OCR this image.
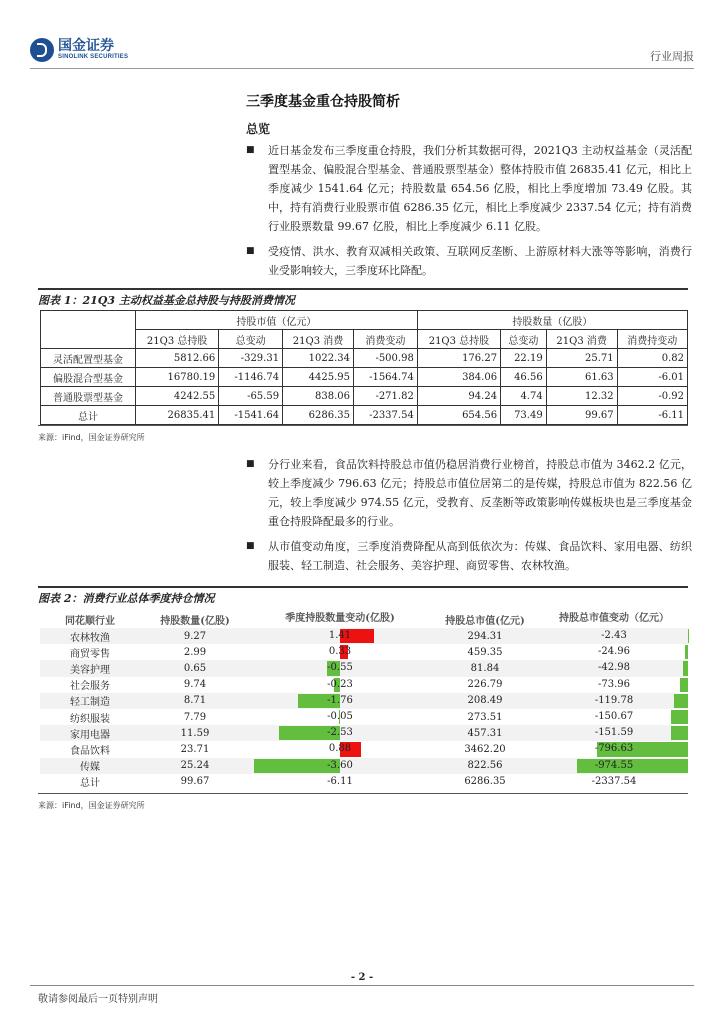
国金证券
SINOLINK SECURITIES	行业周报
三季度基金重仓持股简析
总览
■ 近日基金发布三季度重仓持股，我们分析其数据可得，2021Q3 主动权益基金（灵活配置型基金、偏股混合型基金、普通股票型基金）整体持股市值 26835.41 亿元，相比上季度减少 1541.64 亿元；持股数量 654.56 亿股，相比上季度增加 73.49 亿股。其中，持有消费行业股票市值 6286.35 亿元，相比上季度减少 2337.54 亿元；持有消费行业股票数量 99.67 亿股，相比上季度减少 6.11 亿股。
■ 受疫情、洪水、教育双减相关政策、互联网反垄断、上游原材料大涨等等影响，消费行业受影响较大，三季度环比降配。
图表 1：21Q3 主动权益基金总持股与持股消费情况
	持股市值（亿元）				持股数量（亿股）			
	21Q3 总持股	总变动	21Q3 消费	消费变动	21Q3 总持股	总变动	21Q3 消费	消费持变动
灵活配置型基金	5812.66	-329.31	1022.34	-500.98	176.27	22.19	25.71	0.82
偏股混合型基金	16780.19	-1146.74	4425.95	-1564.74	384.06	46.56	61.63	-6.01
普通股票型基金	4242.55	-65.59	838.06	-271.82	94.24	4.74	12.32	-0.92
总计	26835.41	-1541.64	6286.35	-2337.54	654.56	73.49	99.67	-6.11
来源：iFind，国金证券研究所
■ 分行业来看，食品饮料持股总市值仍稳居消费行业榜首，持股总市值为 3462.2 亿元，较上季度减少 796.63 亿元；持股总市值位居第二的是传媒，持股总市值为 822.56 亿元，较上季度减少 974.55 亿元，受教育、反垄断等政策影响传媒板块也是三季度基金重仓持股降配最多的行业。
■ 从市值变动角度，三季度消费降配从高到低依次为：传媒、食品饮料、家用电器、纺织服装、轻工制造、社会服务、美容护理、商贸零售、农林牧渔。
图表 2：消费行业总体季度持仓情况
同花顺行业	持股数量(亿股)	季度持股数量变动(亿股)	持股总市值(亿元)	持股总市值变动（亿元）
农林牧渔	9.27	1.41	294.31	-2.43
商贸零售	2.99	0.33	459.35	-24.96
美容护理	0.65	-0.55	81.84	-42.98
社会服务	9.74	-0.23	226.79	-73.96
轻工制造	8.71	-1.76	208.49	-119.78
纺织服装	7.79	-0.05	273.51	-150.67
家用电器	11.59	-2.53	457.31	-151.59
食品饮料	23.71	0.88	3462.20	-796.63
传媒	25.24	-3.60	822.56	-974.55
总计	99.67	-6.11	6286.35	-2337.54
来源：iFind，国金证券研究所
- 2 -
敬请参阅最后一页特别声明
